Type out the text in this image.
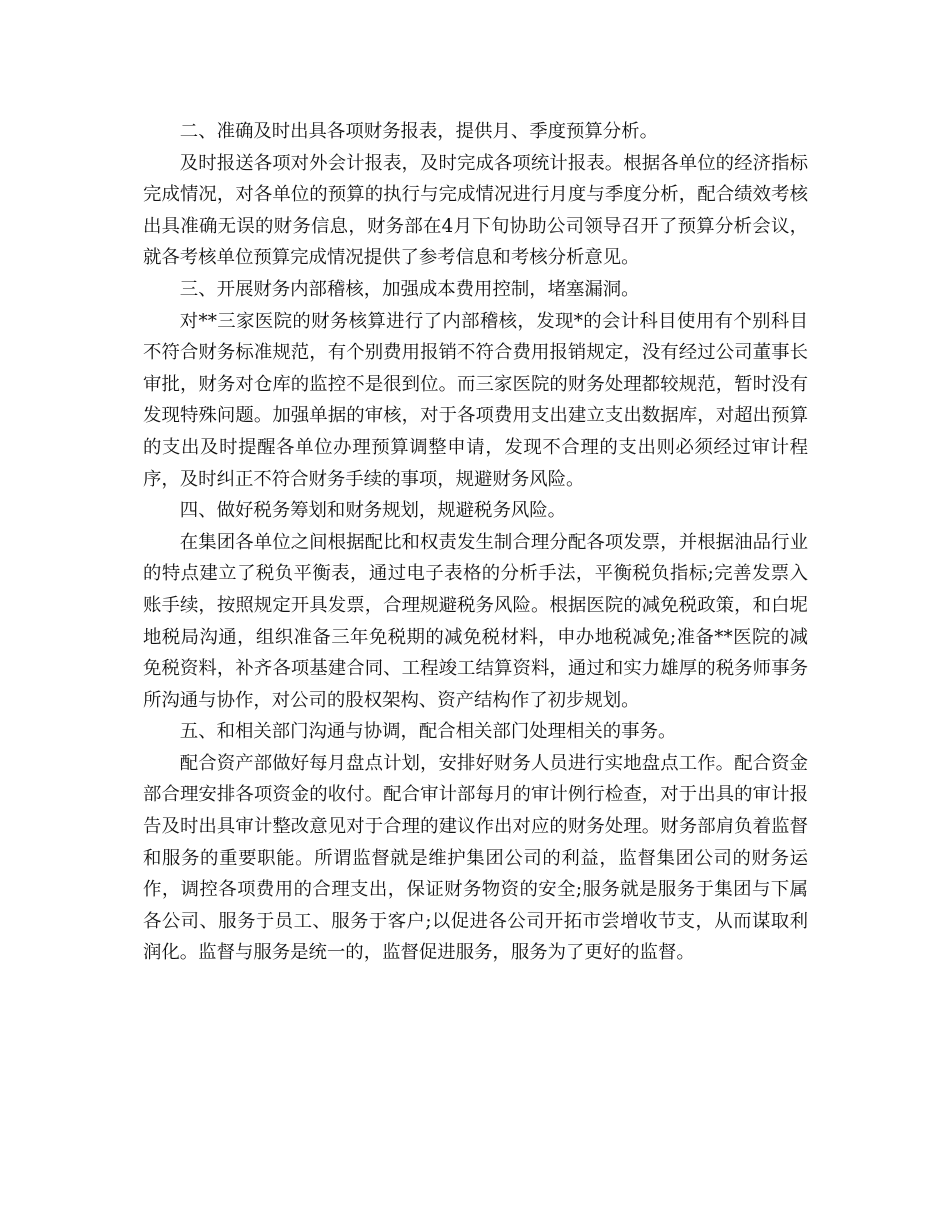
二、准确及时出具各项财务报表，提供月、季度预算分析。

及时报送各项对外会计报表，及时完成各项统计报表。根据各单位的经济指标完成情况，对各单位的预算的执行与完成情况进行月度与季度分析，配合绩效考核出具准确无误的财务信息，财务部在4月下旬协助公司领导召开了预算分析会议，就各考核单位预算完成情况提供了参考信息和考核分析意见。

三、开展财务内部稽核，加强成本费用控制，堵塞漏洞。

对**三家医院的财务核算进行了内部稽核，发现*的会计科目使用有个别科目不符合财务标准规范，有个别费用报销不符合费用报销规定，没有经过公司董事长审批，财务对仓库的监控不是很到位。而三家医院的财务处理都较规范，暂时没有发现特殊问题。加强单据的审核，对于各项费用支出建立支出数据库，对超出预算的支出及时提醒各单位办理预算调整申请，发现不合理的支出则必须经过审计程序，及时纠正不符合财务手续的事项，规避财务风险。

四、做好税务筹划和财务规划，规避税务风险。

在集团各单位之间根据配比和权责发生制合理分配各项发票，并根据油品行业的特点建立了税负平衡表，通过电子表格的分析手法，平衡税负指标;完善发票入账手续，按照规定开具发票，合理规避税务风险。根据医院的减免税政策，和白坭地税局沟通，组织准备三年免税期的减免税材料，申办地税减免;准备**医院的减免税资料，补齐各项基建合同、工程竣工结算资料，通过和实力雄厚的税务师事务所沟通与协作，对公司的股权架构、资产结构作了初步规划。

五、和相关部门沟通与协调，配合相关部门处理相关的事务。

配合资产部做好每月盘点计划，安排好财务人员进行实地盘点工作。配合资金部合理安排各项资金的收付。配合审计部每月的审计例行检查，对于出具的审计报告及时出具审计整改意见对于合理的建议作出对应的财务处理。财务部肩负着监督和服务的重要职能。所谓监督就是维护集团公司的利益，监督集团公司的财务运作，调控各项费用的合理支出，保证财务物资的安全;服务就是服务于集团与下属各公司、服务于员工、服务于客户;以促进各公司开拓市尝增收节支，从而谋取利润化。监督与服务是统一的，监督促进服务，服务为了更好的监督。
